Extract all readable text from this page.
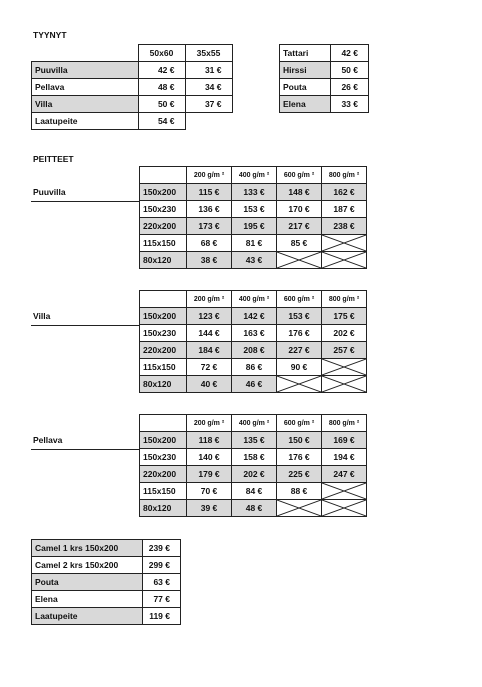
TYYNYT
	50x60	35x55
Puuvilla	42 €	31 €
Pellava	48 €	34 €
Villa	50 €	37 €
Laatupeite	54 €	
Tattari	42 €
Hirssi	50 €
Pouta	26 €
Elena	33 €
PEITTEET
Puuvilla
	200 g/m ²	400 g/m ²	600 g/m ²	800 g/m ²
150x200	115 €	133 €	148 €	162 €
150x230	136 €	153 €	170 €	187 €
220x200	173 €	195 €	217 €	238 €
115x150	68 €	81 €	85 €	

80x120	38 €	43 €	

Villa
	200 g/m ²	400 g/m ²	600 g/m ²	800 g/m ²
150x200	123 €	142 €	153 €	175 €
150x230	144 €	163 €	176 €	202 €
220x200	184 €	208 €	227 €	257 €
115x150	72 €	86 €	90 €	

80x120	40 €	46 €	

Pellava
	200 g/m ²	400 g/m ²	600 g/m ²	800 g/m ²
150x200	118 €	135 €	150 €	169 €
150x230	140 €	158 €	176 €	194 €
220x200	179 €	202 €	225 €	247 €
115x150	70 €	84 €	88 €	

80x120	39 €	48 €	

Camel 1 krs 150x200	239 €
Camel 2 krs 150x200	299 €
Pouta	63 €
Elena	77 €
Laatupeite	119 €
